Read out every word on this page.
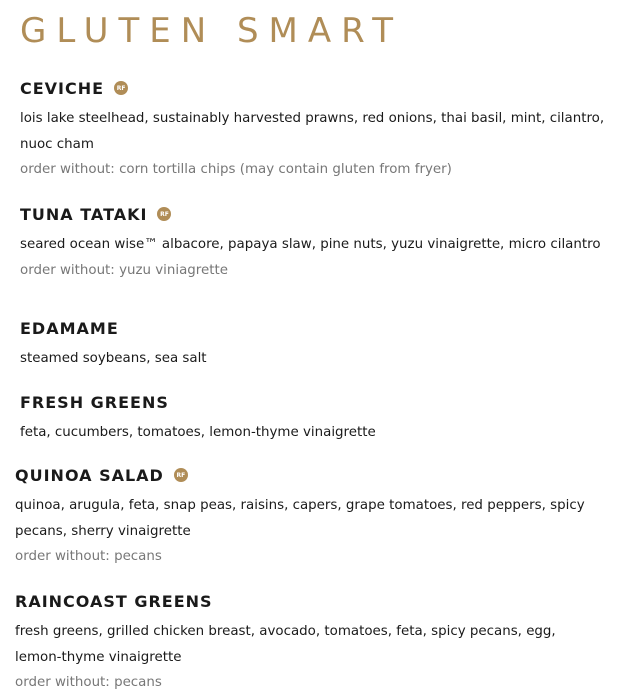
GLUTEN SMART
CEVICHE	RF
lois lake steelhead, sustainably harvested prawns, red onions, thai basil, mint, cilantro, nuoc cham
order without: corn tortilla chips (may contain gluten from fryer)
TUNA TATAKI	RF
seared ocean wise™ albacore, papaya slaw, pine nuts, yuzu vinaigrette, micro cilantro
order without: yuzu viniagrette
EDAMAME
steamed soybeans, sea salt
FRESH GREENS
feta, cucumbers, tomatoes, lemon-thyme vinaigrette
QUINOA SALAD	RF
quinoa, arugula, feta, snap peas, raisins, capers, grape tomatoes, red peppers, spicy pecans, sherry vinaigrette
order without: pecans
RAINCOAST GREENS
fresh greens, grilled chicken breast, avocado, tomatoes, feta, spicy pecans, egg, lemon-thyme vinaigrette
order without: pecans
